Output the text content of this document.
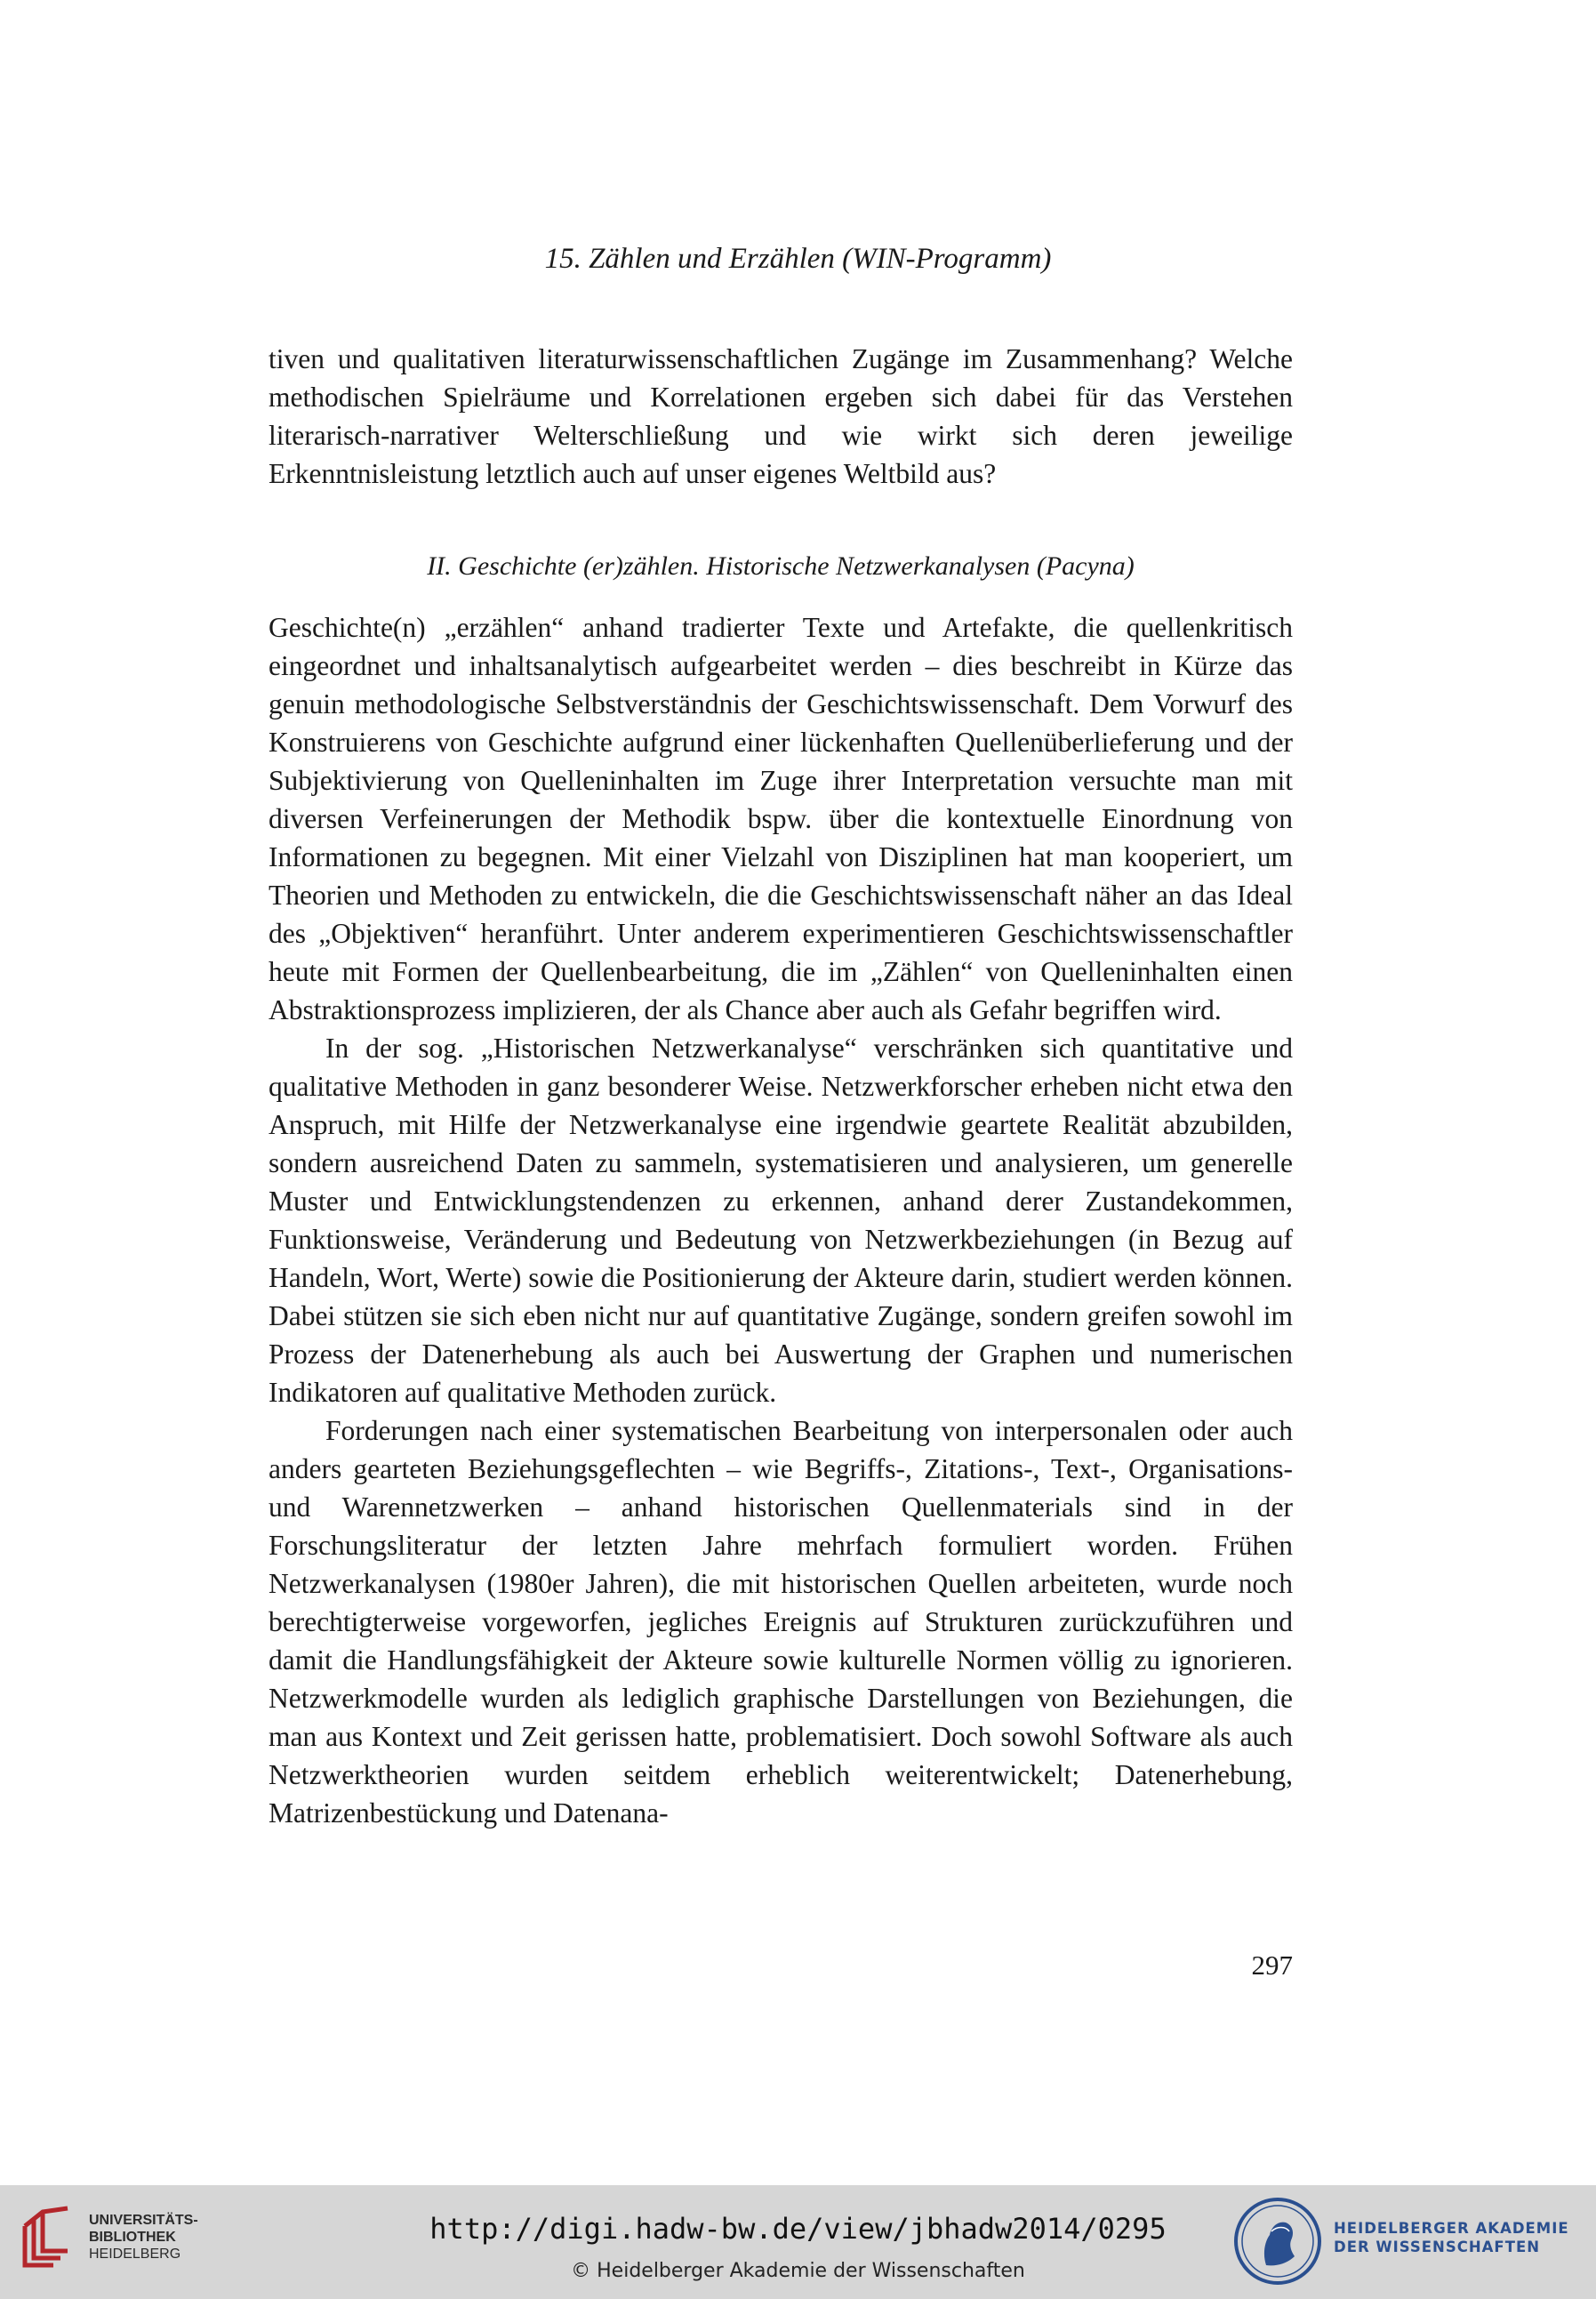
15. Zählen und Erzählen (WIN-Programm)

tiven und qualitativen literaturwissenschaftlichen Zugänge im Zusammenhang? Welche methodischen Spielräume und Korrelationen ergeben sich dabei für das Verstehen literarisch-narrativer Welterschließung und wie wirkt sich deren jeweilige Erkenntnisleistung letztlich auch auf unser eigenes Weltbild aus?

II. Geschichte (er)zählen. Historische Netzwerkanalysen (Pacyna)

Geschichte(n) „erzählen“ anhand tradierter Texte und Artefakte, die quellenkritisch eingeordnet und inhaltsanalytisch aufgearbeitet werden – dies beschreibt in Kürze das genuin methodologische Selbstverständnis der Geschichtswissenschaft. Dem Vorwurf des Konstruierens von Geschichte aufgrund einer lückenhaften Quellenüberlieferung und der Subjektivierung von Quelleninhalten im Zuge ihrer Interpretation versuchte man mit diversen Verfeinerungen der Methodik bspw. über die kontextuelle Einordnung von Informationen zu begegnen. Mit einer Vielzahl von Disziplinen hat man kooperiert, um Theorien und Methoden zu entwickeln, die die Geschichtswissenschaft näher an das Ideal des „Objektiven“ heranführt. Unter anderem experimentieren Geschichtswissenschaftler heute mit Formen der Quellenbearbeitung, die im „Zählen“ von Quelleninhalten einen Abstraktionsprozess implizieren, der als Chance aber auch als Gefahr begriffen wird.

In der sog. „Historischen Netzwerkanalyse“ verschränken sich quantitative und qualitative Methoden in ganz besonderer Weise. Netzwerkforscher erheben nicht etwa den Anspruch, mit Hilfe der Netzwerkanalyse eine irgendwie geartete Realität abzubilden, sondern ausreichend Daten zu sammeln, systematisieren und analysieren, um generelle Muster und Entwicklungstendenzen zu erkennen, anhand derer Zustandekommen, Funktionsweise, Veränderung und Bedeutung von Netzwerkbeziehungen (in Bezug auf Handeln, Wort, Werte) sowie die Positionierung der Akteure darin, studiert werden können. Dabei stützen sie sich eben nicht nur auf quantitative Zugänge, sondern greifen sowohl im Prozess der Datenerhebung als auch bei Auswertung der Graphen und numerischen Indikatoren auf qualitative Methoden zurück.

Forderungen nach einer systematischen Bearbeitung von interpersonalen oder auch anders gearteten Beziehungsgeflechten – wie Begriffs-, Zitations-, Text-, Organisations- und Warennetzwerken – anhand historischen Quellenmaterials sind in der Forschungsliteratur der letzten Jahre mehrfach formuliert worden. Frühen Netzwerkanalysen (1980er Jahren), die mit historischen Quellen arbeiteten, wurde noch berechtigterweise vorgeworfen, jegliches Ereignis auf Strukturen zurückzuführen und damit die Handlungsfähigkeit der Akteure sowie kulturelle Normen völlig zu ignorieren. Netzwerkmodelle wurden als lediglich graphische Darstellungen von Beziehungen, die man aus Kontext und Zeit gerissen hatte, problematisiert. Doch sowohl Software als auch Netzwerktheorien wurden seitdem erheblich weiterentwickelt; Datenerhebung, Matrizenbestückung und Datenana-

297
UNIVERSITÄTS-
BIBLIOTHEK
HEIDELBERG
http://digi.hadw-bw.de/view/jbhadw2014/0295
© Heidelberger Akademie der Wissenschaften
HEIDELBERGER AKADEMIE
DER WISSENSCHAFTEN
